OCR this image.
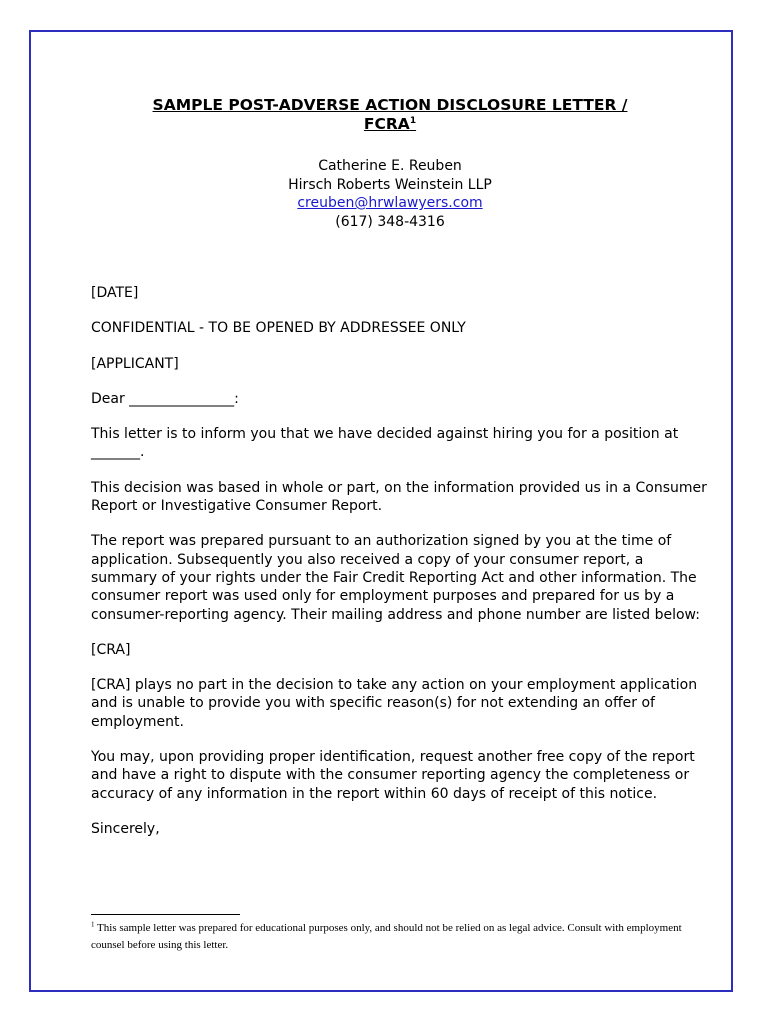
SAMPLE POST-ADVERSE ACTION DISCLOSURE LETTER /
FCRA$^1$
Catherine E. Reuben
Hirsch Roberts Weinstein LLP
creuben@hrwlawyers.com
(617) 348-4316

[DATE]

CONFIDENTIAL - TO BE OPENED BY ADDRESSEE ONLY

[APPLICANT]

Dear _______________:

This letter is to inform you that we have decided against hiring you for a position at _______.

This decision was based in whole or part, on the information provided us in a Consumer Report or Investigative Consumer Report.

The report was prepared pursuant to an authorization signed by you at the time of application. Subsequently you also received a copy of your consumer report, a summary of your rights under the Fair Credit Reporting Act and other information. The consumer report was used only for employment purposes and prepared for us by a consumer-reporting agency. Their mailing address and phone number are listed below:

[CRA]

[CRA] plays no part in the decision to take any action on your employment application and is unable to provide you with specific reason(s) for not extending an offer of employment.

You may, upon providing proper identification, request another free copy of the report and have a right to dispute with the consumer reporting agency the completeness or accuracy of any information in the report within 60 days of receipt of this notice.

Sincerely,

$^1$ This sample letter was prepared for educational purposes only, and should not be relied on as legal advice. Consult with employment counsel before using this letter.
